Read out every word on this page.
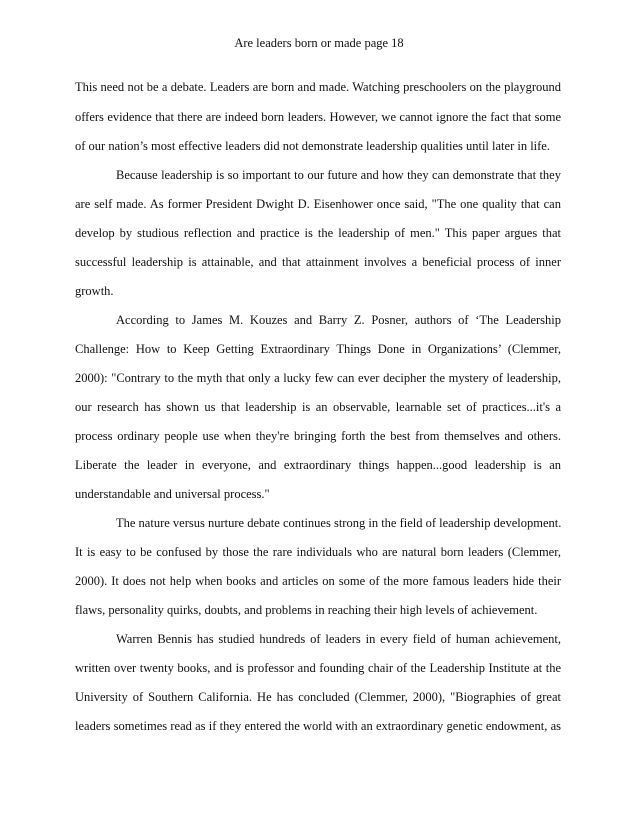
Are leaders born or made page 18
This need not be a debate. Leaders are born and made. Watching preschoolers on the playground
offers evidence that there are indeed born leaders. However, we cannot ignore the fact that some
of our nation’s most effective leaders did not demonstrate leadership qualities until later in life.
Because leadership is so important to our future and how they can demonstrate that they
are self made. As former President Dwight D. Eisenhower once said, "The one quality that can
develop by studious reflection and practice is the leadership of men." This paper argues that
successful leadership is attainable, and that attainment involves a beneficial process of inner
growth.
According to James M. Kouzes and Barry Z. Posner, authors of ‘The Leadership
Challenge: How to Keep Getting Extraordinary Things Done in Organizations’ (Clemmer,
2000): "Contrary to the myth that only a lucky few can ever decipher the mystery of leadership,
our research has shown us that leadership is an observable, learnable set of practices...it's a
process ordinary people use when they're bringing forth the best from themselves and others.
Liberate the leader in everyone, and extraordinary things happen...good leadership is an
understandable and universal process."
The nature versus nurture debate continues strong in the field of leadership development.
It is easy to be confused by those the rare individuals who are natural born leaders (Clemmer,
2000). It does not help when books and articles on some of the more famous leaders hide their
flaws, personality quirks, doubts, and problems in reaching their high levels of achievement.
Warren Bennis has studied hundreds of leaders in every field of human achievement,
written over twenty books, and is professor and founding chair of the Leadership Institute at the
University of Southern California. He has concluded (Clemmer, 2000), "Biographies of great
leaders sometimes read as if they entered the world with an extraordinary genetic endowment, as
